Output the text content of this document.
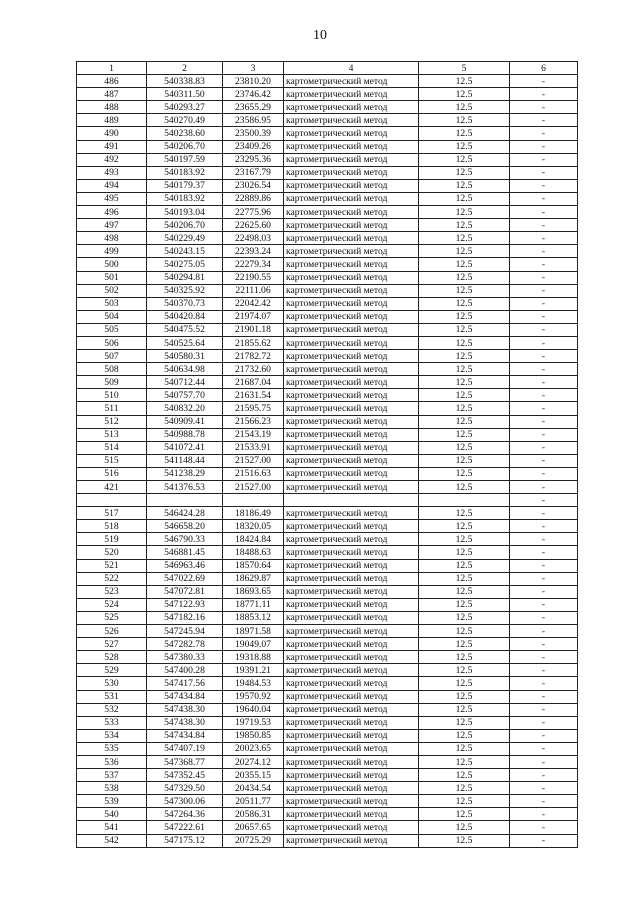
10
1	2	3	4	5	6
486	540338.83	23810.20	картометрический метод	12.5	-
487	540311.50	23746.42	картометрический метод	12.5	-
488	540293.27	23655.29	картометрический метод	12.5	-
489	540270.49	23586.95	картометрический метод	12.5	-
490	540238.60	23500.39	картометрический метод	12.5	-
491	540206.70	23409.26	картометрический метод	12.5	-
492	540197.59	23295.36	картометрический метод	12.5	-
493	540183.92	23167.79	картометрический метод	12.5	-
494	540179.37	23026.54	картометрический метод	12.5	-
495	540183.92	22889.86	картометрический метод	12.5	-
496	540193.04	22775.96	картометрический метод	12.5	-
497	540206.70	22625.60	картометрический метод	12.5	-
498	540229.49	22498.03	картометрический метод	12.5	-
499	540243.15	22393.24	картометрический метод	12.5	-
500	540275.05	22279.34	картометрический метод	12.5	-
501	540294.81	22190.55	картометрический метод	12.5	-
502	540325.92	22111.06	картометрический метод	12.5	-
503	540370.73	22042.42	картометрический метод	12.5	-
504	540420.84	21974.07	картометрический метод	12.5	-
505	540475.52	21901.18	картометрический метод	12.5	-
506	540525.64	21855.62	картометрический метод	12.5	-
507	540580.31	21782.72	картометрический метод	12.5	-
508	540634.98	21732.60	картометрический метод	12.5	-
509	540712.44	21687.04	картометрический метод	12.5	-
510	540757.70	21631.54	картометрический метод	12.5	-
511	540832.20	21595.75	картометрический метод	12.5	-
512	540909.41	21566.23	картометрический метод	12.5	-
513	540988.78	21543.19	картометрический метод	12.5	-
514	541072.41	21533.91	картометрический метод	12.5	-
515	541148.44	21527.00	картометрический метод	12.5	-
516	541238.29	21516.63	картометрический метод	12.5	-
421	541376.53	21527.00	картометрический метод	12.5	-
					-
517	546424.28	18186.49	картометрический метод	12.5	-
518	546658.20	18320.05	картометрический метод	12.5	-
519	546790.33	18424.84	картометрический метод	12.5	-
520	546881.45	18488.63	картометрический метод	12.5	-
521	546963.46	18570.64	картометрический метод	12.5	-
522	547022.69	18629.87	картометрический метод	12.5	-
523	547072.81	18693.65	картометрический метод	12.5	-
524	547122.93	18771.11	картометрический метод	12.5	-
525	547182.16	18853.12	картометрический метод	12.5	-
526	547245.94	18971.58	картометрический метод	12.5	-
527	547282.78	19049.07	картометрический метод	12.5	-
528	547380.33	19318.88	картометрический метод	12.5	-
529	547400.28	19391.21	картометрический метод	12.5	-
530	547417.56	19484.53	картометрический метод	12.5	-
531	547434.84	19570.92	картометрический метод	12.5	-
532	547438.30	19640.04	картометрический метод	12.5	-
533	547438.30	19719.53	картометрический метод	12.5	-
534	547434.84	19850.85	картометрический метод	12.5	-
535	547407.19	20023.65	картометрический метод	12.5	-
536	547368.77	20274.12	картометрический метод	12.5	-
537	547352.45	20355.15	картометрический метод	12.5	-
538	547329.50	20434.54	картометрический метод	12.5	-
539	547300.06	20511.77	картометрический метод	12.5	-
540	547264.36	20586.31	картометрический метод	12.5	-
541	547222.61	20657.65	картометрический метод	12.5	-
542	547175.12	20725.29	картометрический метод	12.5	-
